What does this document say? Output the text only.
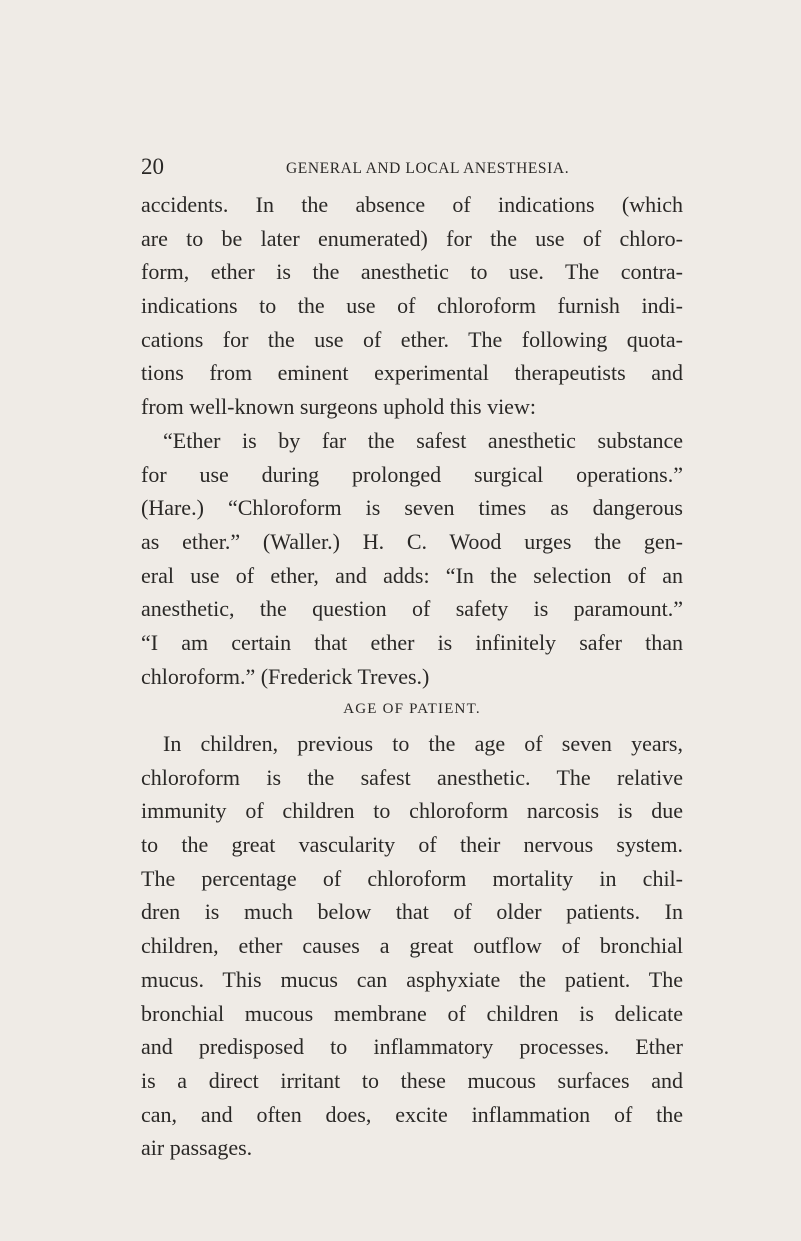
20	GENERAL AND LOCAL ANESTHESIA.
accidents. In the absence of indications (which
are to be later enumerated) for the use of chloro-
form, ether is the anesthetic to use. The contra-
indications to the use of chloroform furnish indi-
cations for the use of ether. The following quota-
tions from eminent experimental therapeutists and
from well-known surgeons uphold this view:
“Ether is by far the safest anesthetic substance
for use during prolonged surgical operations.”
(Hare.) “Chloroform is seven times as dangerous
as ether.” (Waller.) H. C. Wood urges the gen-
eral use of ether, and adds: “In the selection of an
anesthetic, the question of safety is paramount.”
“I am certain that ether is infinitely safer than
chloroform.” (Frederick Treves.)
AGE OF PATIENT.
In children, previous to the age of seven years,
chloroform is the safest anesthetic. The relative
immunity of children to chloroform narcosis is due
to the great vascularity of their nervous system.
The percentage of chloroform mortality in chil-
dren is much below that of older patients. In
children, ether causes a great outflow of bronchial
mucus. This mucus can asphyxiate the patient. The
bronchial mucous membrane of children is delicate
and predisposed to inflammatory processes. Ether
is a direct irritant to these mucous surfaces and
can, and often does, excite inflammation of the
air passages.
